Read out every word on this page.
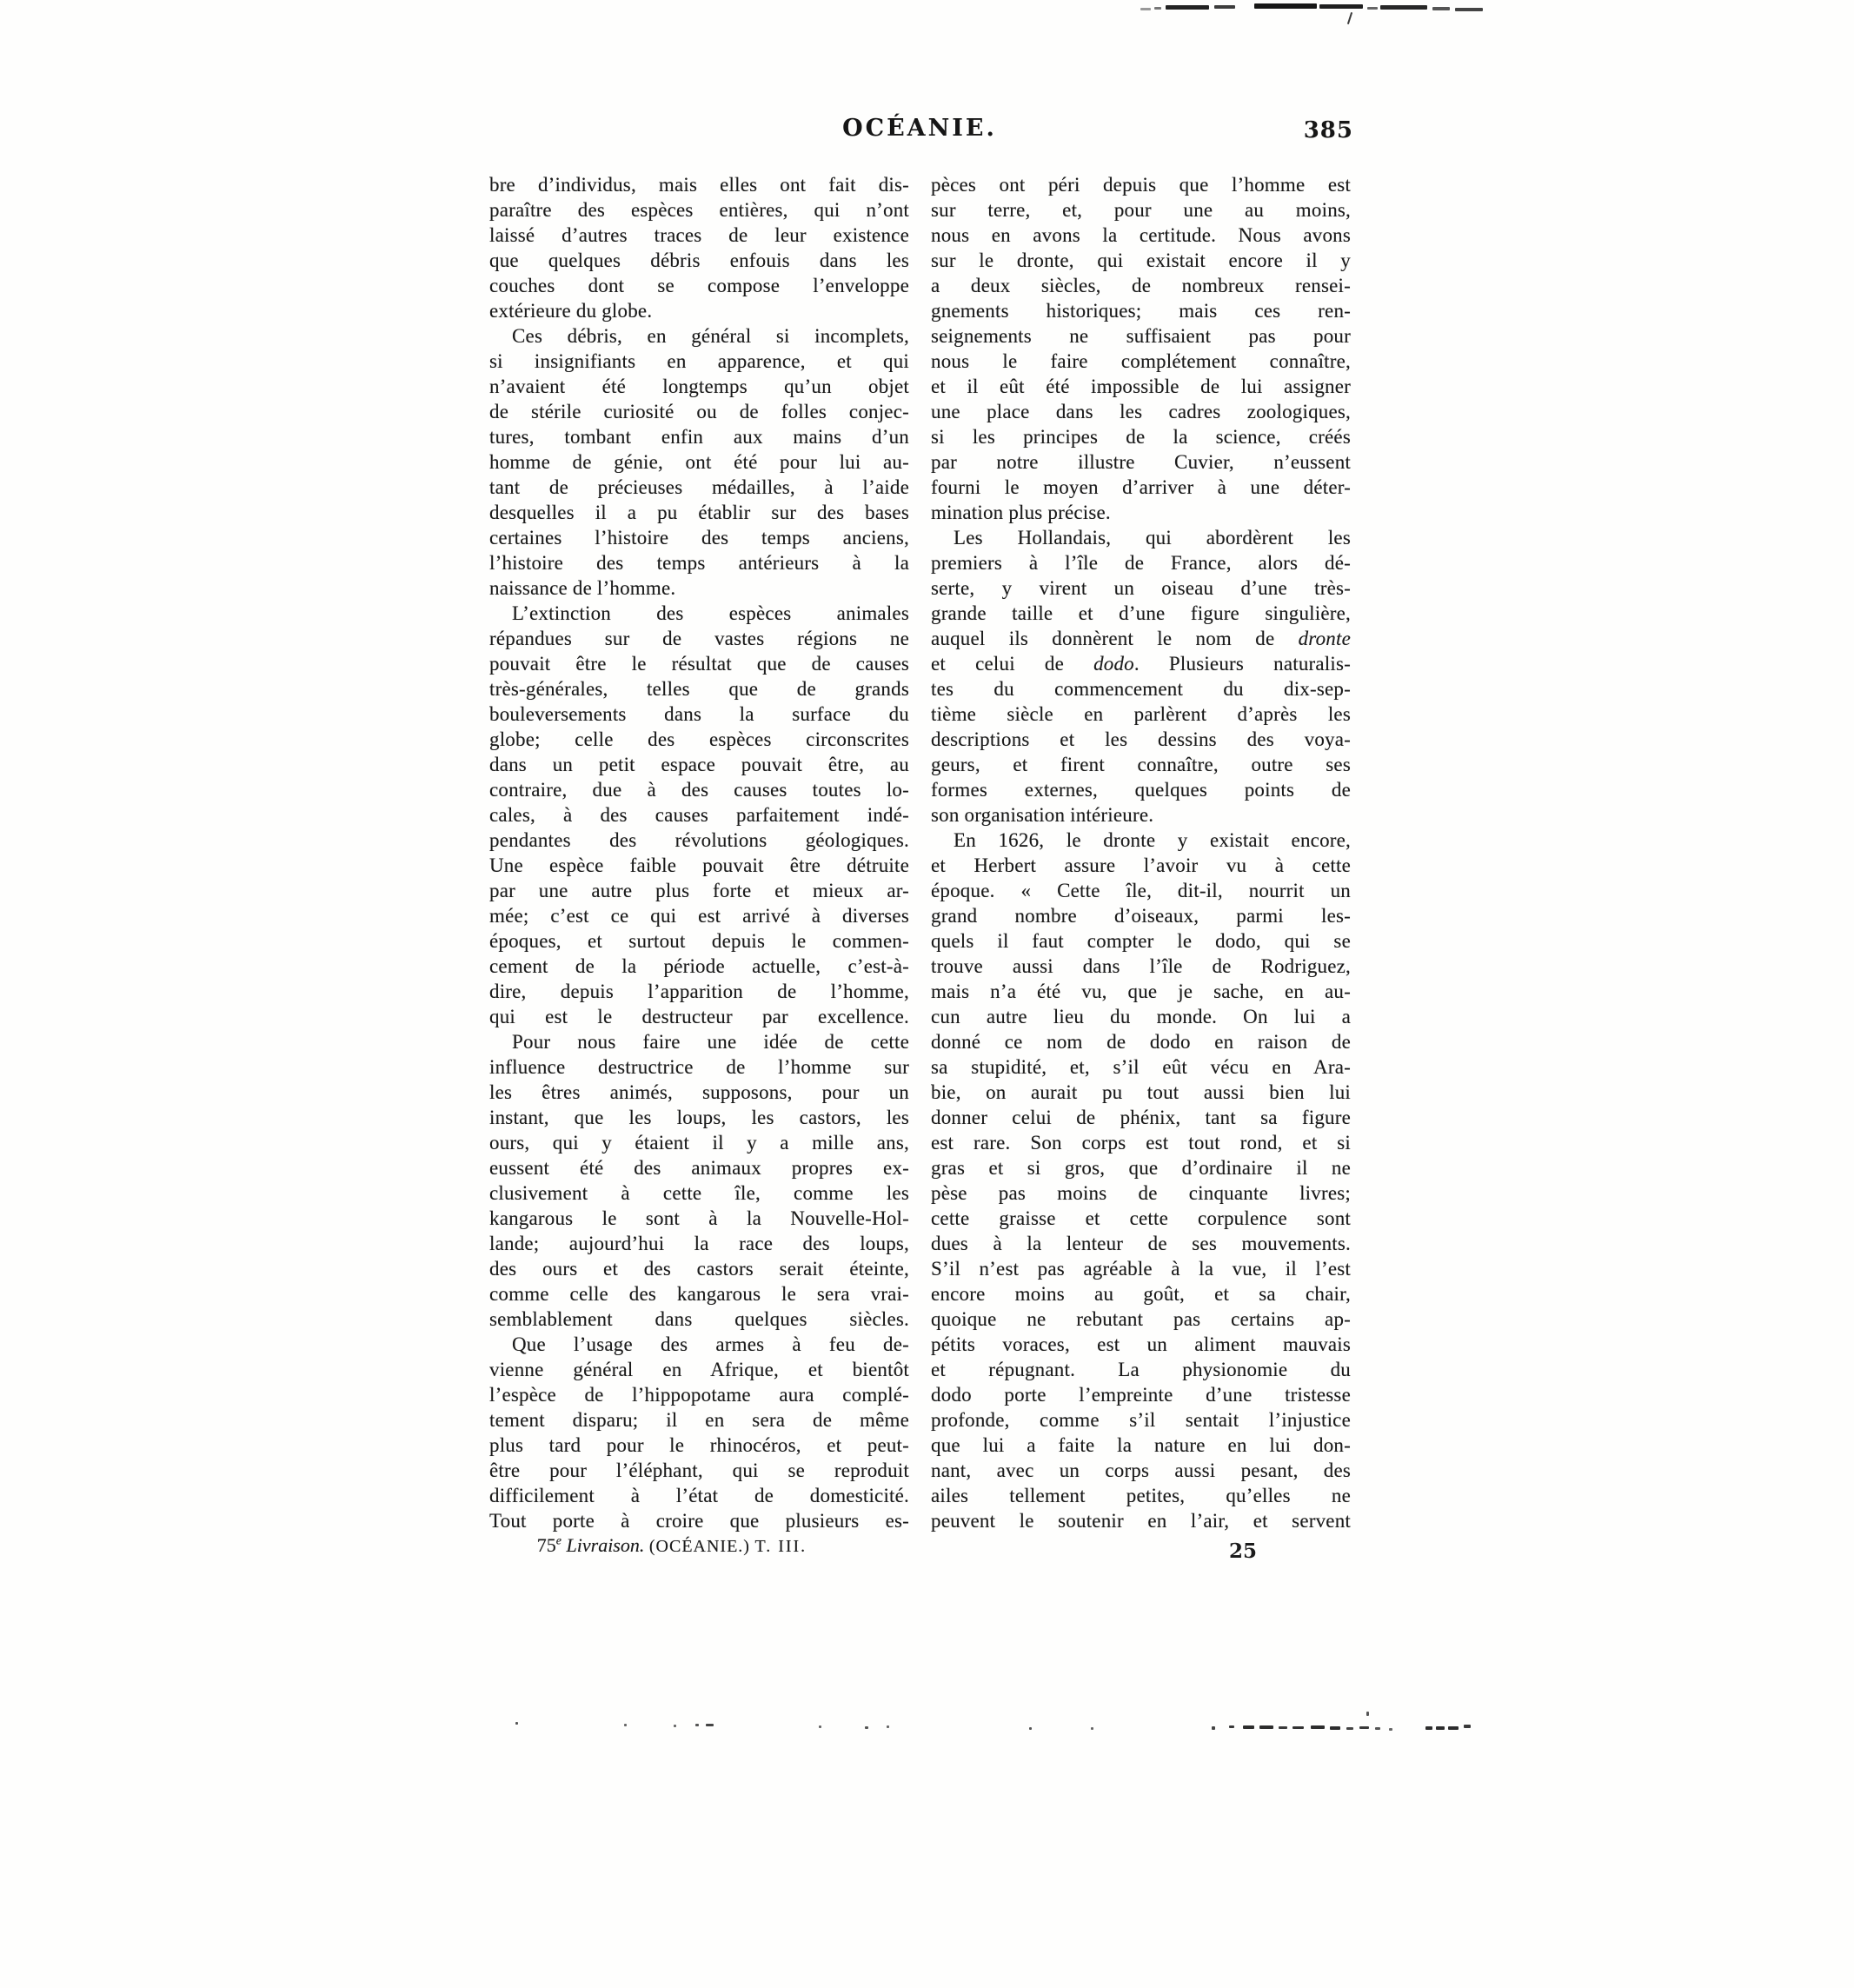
OCÉANIE.	385
bre d’individus, mais elles ont fait dis-
paraître des espèces entières, qui n’ont
laissé d’autres traces de leur existence
que quelques débris enfouis dans les
couches dont se compose l’enveloppe
extérieure du globe.
Ces débris, en général si incomplets,
si insignifiants en apparence, et qui
n’avaient été longtemps qu’un objet
de stérile curiosité ou de folles conjec-
tures, tombant enfin aux mains d’un
homme de génie, ont été pour lui au-
tant de précieuses médailles, à l’aide
desquelles il a pu établir sur des bases
certaines l’histoire des temps anciens,
l’histoire des temps antérieurs à la
naissance de l’homme.
L’extinction des espèces animales
répandues sur de vastes régions ne
pouvait être le résultat que de causes
très-générales, telles que de grands
bouleversements dans la surface du
globe; celle des espèces circonscrites
dans un petit espace pouvait être, au
contraire, due à des causes toutes lo-
cales, à des causes parfaitement indé-
pendantes des révolutions géologiques.
Une espèce faible pouvait être détruite
par une autre plus forte et mieux ar-
mée; c’est ce qui est arrivé à diverses
époques, et surtout depuis le commen-
cement de la période actuelle, c’est-à-
dire, depuis l’apparition de l’homme,
qui est le destructeur par excellence.
Pour nous faire une idée de cette
influence destructrice de l’homme sur
les êtres animés, supposons, pour un
instant, que les loups, les castors, les
ours, qui y étaient il y a mille ans,
eussent été des animaux propres ex-
clusivement à cette île, comme les
kangarous le sont à la Nouvelle-Hol-
lande; aujourd’hui la race des loups,
des ours et des castors serait éteinte,
comme celle des kangarous le sera vrai-
semblablement dans quelques siècles.
Que l’usage des armes à feu de-
vienne général en Afrique, et bientôt
l’espèce de l’hippopotame aura complé-
tement disparu; il en sera de même
plus tard pour le rhinocéros, et peut-
être pour l’éléphant, qui se reproduit
difficilement à l’état de domesticité.
Tout porte à croire que plusieurs es-
pèces ont péri depuis que l’homme est
sur terre, et, pour une au moins,
nous en avons la certitude. Nous avons
sur le dronte, qui existait encore il y
a deux siècles, de nombreux rensei-
gnements historiques; mais ces ren-
seignements ne suffisaient pas pour
nous le faire complétement connaître,
et il eût été impossible de lui assigner
une place dans les cadres zoologiques,
si les principes de la science, créés
par notre illustre Cuvier, n’eussent
fourni le moyen d’arriver à une déter-
mination plus précise.
Les Hollandais, qui abordèrent les
premiers à l’île de France, alors dé-
serte, y virent un oiseau d’une très-
grande taille et d’une figure singulière,
auquel ils donnèrent le nom de dronte
et celui de dodo. Plusieurs naturalis-
tes du commencement du dix-sep-
tième siècle en parlèrent d’après les
descriptions et les dessins des voya-
geurs, et firent connaître, outre ses
formes externes, quelques points de
son organisation intérieure.
En 1626, le dronte y existait encore,
et Herbert assure l’avoir vu à cette
époque. « Cette île, dit-il, nourrit un
grand nombre d’oiseaux, parmi les-
quels il faut compter le dodo, qui se
trouve aussi dans l’île de Rodriguez,
mais n’a été vu, que je sache, en au-
cun autre lieu du monde. On lui a
donné ce nom de dodo en raison de
sa stupidité, et, s’il eût vécu en Ara-
bie, on aurait pu tout aussi bien lui
donner celui de phénix, tant sa figure
est rare. Son corps est tout rond, et si
gras et si gros, que d’ordinaire il ne
pèse pas moins de cinquante livres;
cette graisse et cette corpulence sont
dues à la lenteur de ses mouvements.
S’il n’est pas agréable à la vue, il l’est
encore moins au goût, et sa chair,
quoique ne rebutant pas certains ap-
pétits voraces, est un aliment mauvais
et répugnant. La physionomie du
dodo porte l’empreinte d’une tristesse
profonde, comme s’il sentait l’injustice
que lui a faite la nature en lui don-
nant, avec un corps aussi pesant, des
ailes tellement petites, qu’elles ne
peuvent le soutenir en l’air, et servent
75e Livraison. (OCÉANIE.) T. III.	25
